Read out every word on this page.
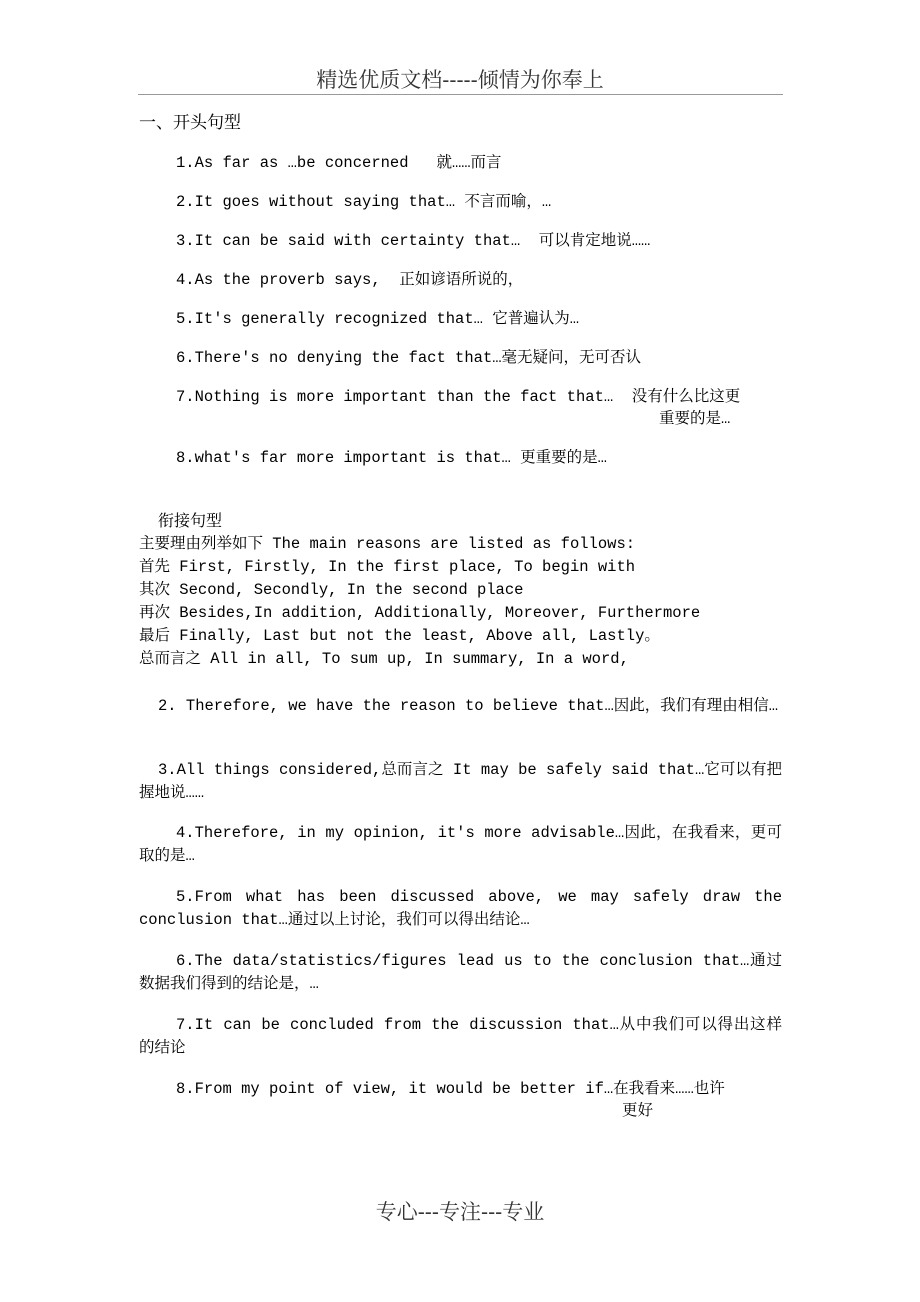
精选优质文档-----倾情为你奉上
一、开头句型
1.As far as …be concerned   就……而言
2.It goes without saying that… 不言而喻，…
3.It can be said with certainty that…  可以肯定地说……
4.As the proverb says,  正如谚语所说的，
5.It's generally recognized that… 它普遍认为…
6.There's no denying the fact that…毫无疑问，无可否认
7.Nothing is more important than the fact that…  没有什么比这更
重要的是…
8.what's far more important is that… 更重要的是…
衔接句型
主要理由列举如下 The main reasons are listed as follows:
首先 First, Firstly, In the first place, To begin with
其次 Second, Secondly, In the second place
再次 Besides,In addition, Additionally, Moreover, Furthermore
最后 Finally, Last but not the least, Above all, Lastly。
总而言之 All in all, To sum up, In summary, In a word,
2. Therefore, we have the reason to believe that…因此，我们有理由相信…
3.All things considered,总而言之 It may be safely said that…它可以有把握地说……
4.Therefore, in my opinion, it's more advisable…因此，在我看来，更可取的是…
5.From what has been discussed above, we may safely draw the conclusion that…通过以上讨论，我们可以得出结论…
6.The data/statistics/figures lead us to the conclusion that…通过数据我们得到的结论是，…
7.It can be concluded from the discussion that…从中我们可以得出这样的结论
8.From my point of view, it would be better if…在我看来……也许
更好
专心---专注---专业
